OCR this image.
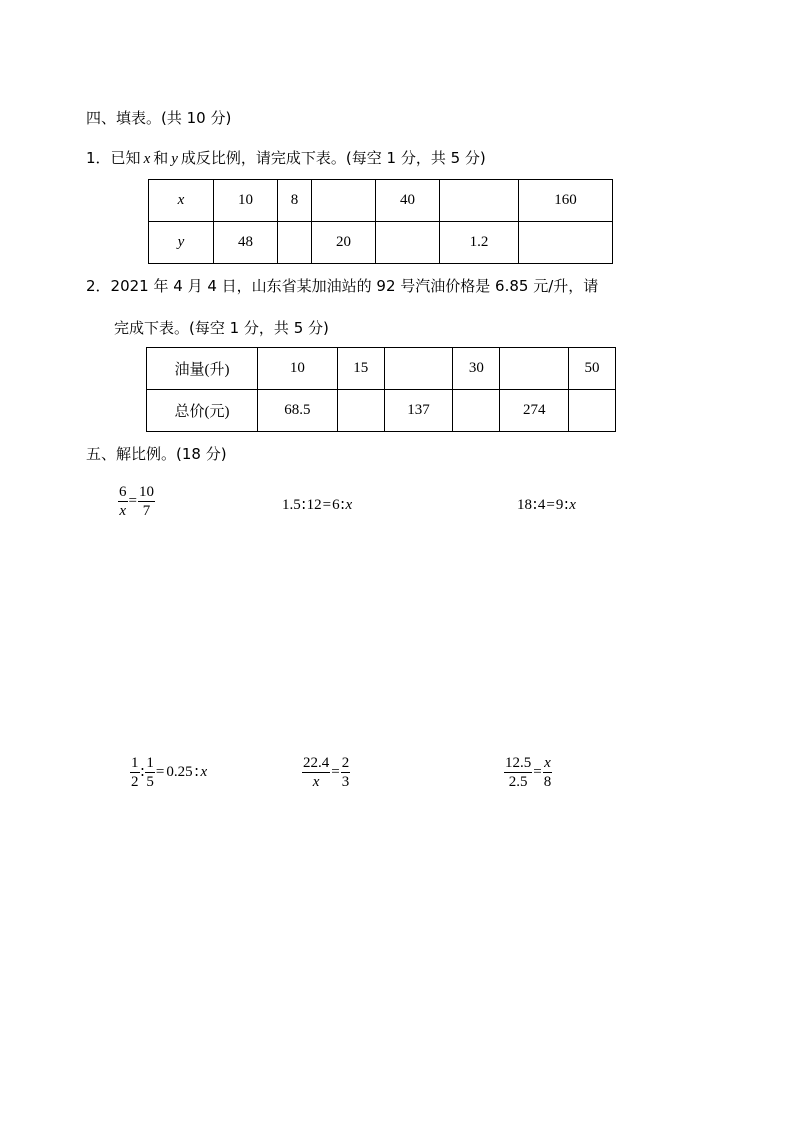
四、填表。(共 10 分)
1．已知 x 和 y 成反比例，请完成下表。(每空 1 分，共 5 分)
x	10	8		40		160
y	48		20		1.2	
2．2021 年 4 月 4 日，山东省某加油站的 92 号汽油价格是 6.85 元/升，请
完成下表。(每空 1 分，共 5 分)
油量(升)	10	15		30		50
总价(元)	68.5		137		274	
五、解比例。(18 分)
$\frac{6}{x} = \frac{10}{7}$	1.5∶12=6∶x	18∶4=9∶x
$\frac{1}{2}$ ∶ $\frac{1}{5} = 0.25$ ∶ x	$\frac{22.4}{x} = \frac{2}{3}$	$\frac{12.5}{2.5} = \frac{x}{8}$
